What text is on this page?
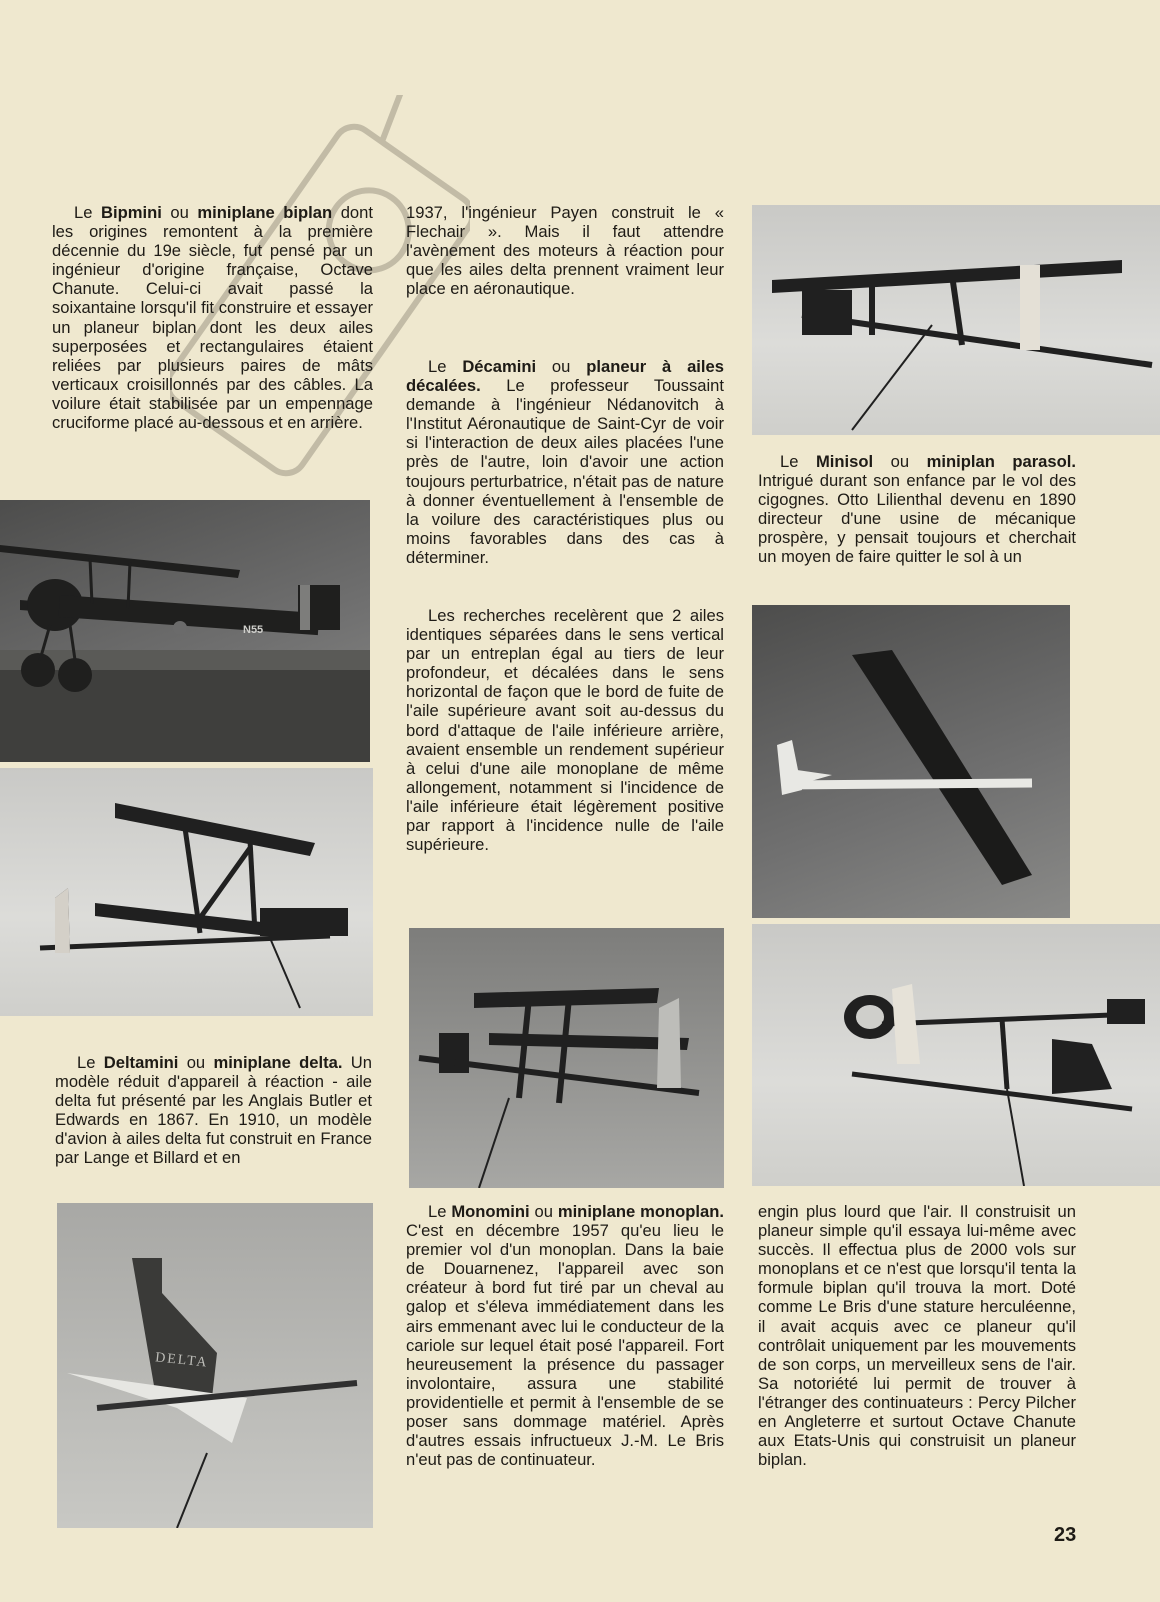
Le Bipmini ou miniplane biplan dont les origines remontent à la première décennie du 19e siècle, fut pensé par un ingénieur d'origine française, Octave Chanute. Celui-ci avait passé la soixantaine lorsqu'il fit construire et essayer un planeur biplan dont les deux ailes superposées et rectangulaires étaient reliées par plusieurs paires de mâts verticaux croisillonnés par des câbles. La voilure était stabilisée par un empennage cruciforme placé au-dessous et en arrière.

N55

Le Deltamini ou miniplane delta. Un modèle réduit d'appareil à réaction - aile delta fut présenté par les Anglais Butler et Edwards en 1867. En 1910, un modèle d'avion à ailes delta fut construit en France par Lange et Billard et en

DELTA

1937, l'ingénieur Payen construit le « Flechair ». Mais il faut attendre l'avènement des moteurs à réaction pour que les ailes delta prennent vraiment leur place en aéronautique.

Le Décamini ou planeur à ailes décalées. Le professeur Toussaint demande à l'ingénieur Nédanovitch à l'Institut Aéronautique de Saint-Cyr de voir si l'interaction de deux ailes placées l'une près de l'autre, loin d'avoir une action toujours perturbatrice, n'était pas de nature à donner éventuellement à l'ensemble de la voilure des caractéristiques plus ou moins favorables dans des cas à déterminer.

Les recherches recelèrent que 2 ailes identiques séparées dans le sens vertical par un entreplan égal au tiers de leur profondeur, et décalées dans le sens horizontal de façon que le bord de fuite de l'aile supérieure avant soit au-dessus du bord d'attaque de l'aile inférieure arrière, avaient ensemble un rendement supérieur à celui d'une aile monoplane de même allongement, notamment si l'incidence de l'aile inférieure était légèrement positive par rapport à l'incidence nulle de l'aile supérieure.

Le Monomini ou miniplane monoplan. C'est en décembre 1957 qu'eu lieu le premier vol d'un monoplan. Dans la baie de Douarnenez, l'appareil avec son créateur à bord fut tiré par un cheval au galop et s'éleva immédiatement dans les airs emmenant avec lui le conducteur de la cariole sur lequel était posé l'appareil. Fort heureusement la présence du passager involontaire, assura une stabilité providentielle et permit à l'ensemble de se poser sans dommage matériel. Après d'autres essais infructueux J.-M. Le Bris n'eut pas de continuateur.

Le Minisol ou miniplan parasol. Intrigué durant son enfance par le vol des cigognes. Otto Lilienthal devenu en 1890 directeur d'une usine de mécanique prospère, y pensait toujours et cherchait un moyen de faire quitter le sol à un

engin plus lourd que l'air. Il construisit un planeur simple qu'il essaya lui-même avec succès. Il effectua plus de 2000 vols sur monoplans et ce n'est que lorsqu'il tenta la formule biplan qu'il trouva la mort. Doté comme Le Bris d'une stature herculéenne, il avait acquis avec ce planeur qu'il contrôlait uniquement par les mouvements de son corps, un merveilleux sens de l'air. Sa notoriété lui permit de trouver à l'étranger des continuateurs : Percy Pilcher en Angleterre et surtout Octave Chanute aux Etats-Unis qui construisit un planeur biplan.

23
